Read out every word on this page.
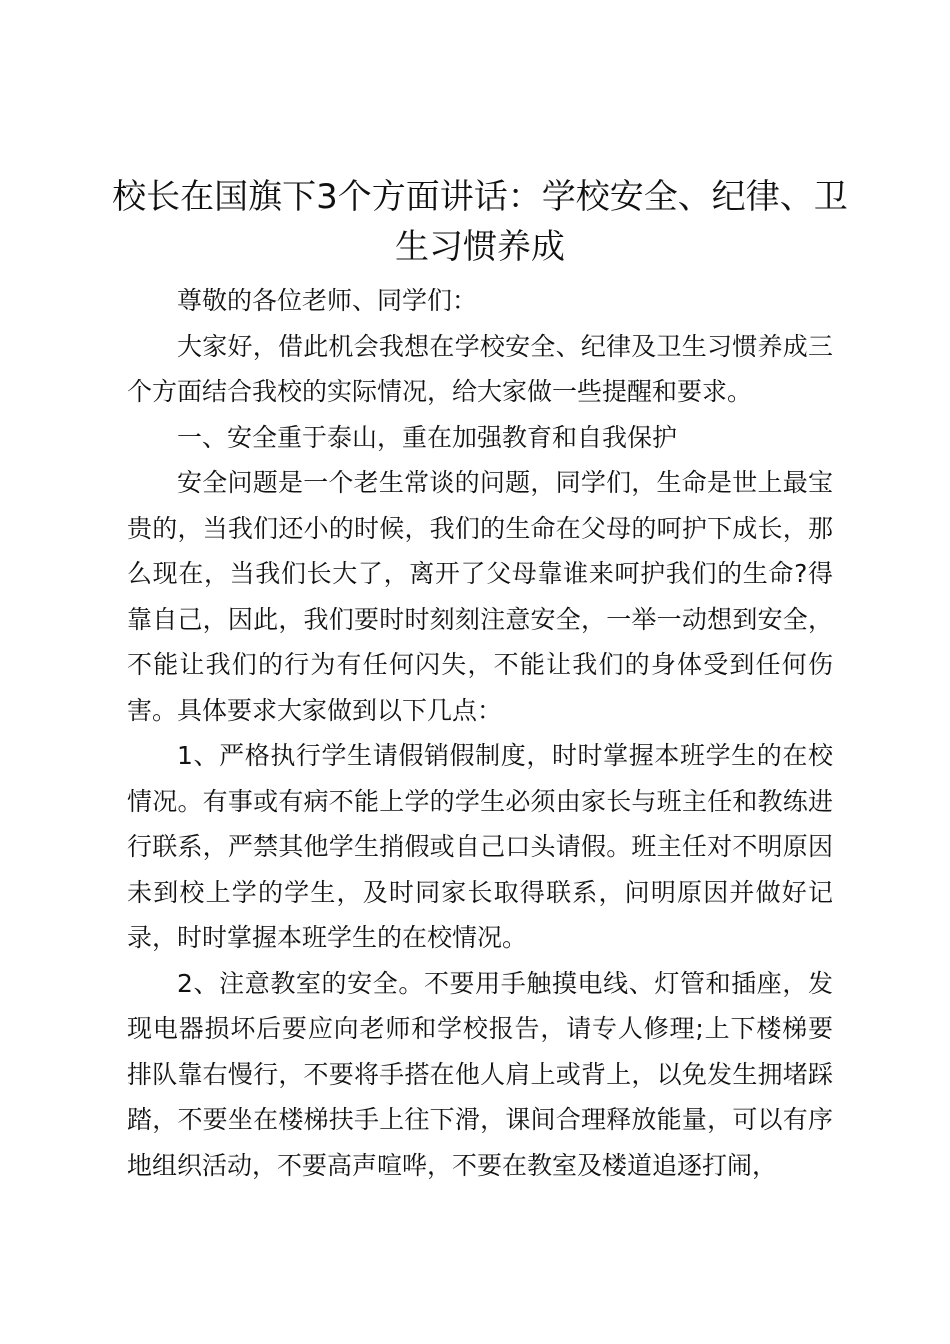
校长在国旗下3个方面讲话：学校安全、纪律、卫生习惯养成

尊敬的各位老师、同学们：

大家好，借此机会我想在学校安全、纪律及卫生习惯养成三个方面结合我校的实际情况，给大家做一些提醒和要求。

一、安全重于泰山，重在加强教育和自我保护

安全问题是一个老生常谈的问题，同学们，生命是世上最宝贵的，当我们还小的时候，我们的生命在父母的呵护下成长，那么现在，当我们长大了，离开了父母靠谁来呵护我们的生命?得靠自己，因此，我们要时时刻刻注意安全，一举一动想到安全，不能让我们的行为有任何闪失，不能让我们的身体受到任何伤害。具体要求大家做到以下几点：

1、严格执行学生请假销假制度，时时掌握本班学生的在校情况。有事或有病不能上学的学生必须由家长与班主任和教练进行联系，严禁其他学生捎假或自己口头请假。班主任对不明原因未到校上学的学生，及时同家长取得联系，问明原因并做好记录，时时掌握本班学生的在校情况。

2、注意教室的安全。不要用手触摸电线、灯管和插座，发现电器损坏后要应向老师和学校报告，请专人修理;上下楼梯要排队靠右慢行，不要将手搭在他人肩上或背上，以免发生拥堵踩踏，不要坐在楼梯扶手上往下滑，课间合理释放能量，可以有序地组织活动，不要高声喧哗，不要在教室及楼道追逐打闹，
